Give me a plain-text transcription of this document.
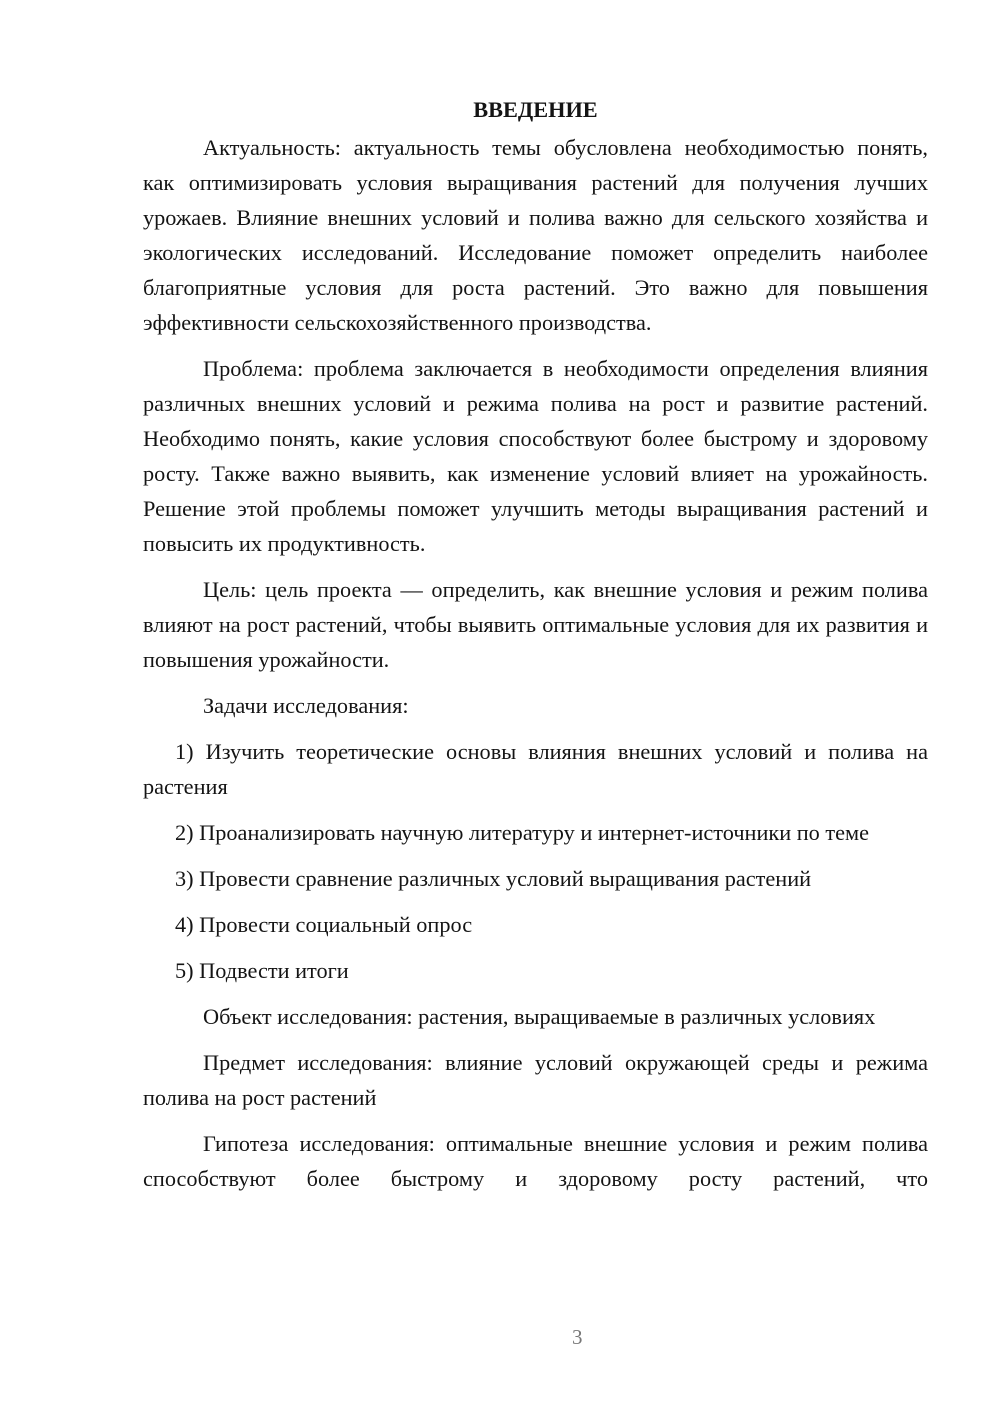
ВВЕДЕНИЕ

Актуальность: актуальность темы обусловлена необходимостью понять, как оптимизировать условия выращивания растений для получения лучших урожаев. Влияние внешних условий и полива важно для сельского хозяйства и экологических исследований. Исследование поможет определить наиболее благоприятные условия для роста растений. Это важно для повышения эффективности сельскохозяйственного производства.

Проблема: проблема заключается в необходимости определения влияния различных внешних условий и режима полива на рост и развитие растений. Необходимо понять, какие условия способствуют более быстрому и здоровому росту. Также важно выявить, как изменение условий влияет на урожайность. Решение этой проблемы поможет улучшить методы выращивания растений и повысить их продуктивность.

Цель: цель проекта — определить, как внешние условия и режим полива влияют на рост растений, чтобы выявить оптимальные условия для их развития и повышения урожайности.

Задачи исследования:

1) Изучить теоретические основы влияния внешних условий и полива на растения

2) Проанализировать научную литературу и интернет-источники по теме

3) Провести сравнение различных условий выращивания растений

4) Провести социальный опрос

5) Подвести итоги

Объект исследования: растения, выращиваемые в различных условиях

Предмет исследования: влияние условий окружающей среды и режима полива на рост растений

Гипотеза исследования: оптимальные внешние условия и режим полива способствуют более быстрому и здоровому росту растений, что

3
